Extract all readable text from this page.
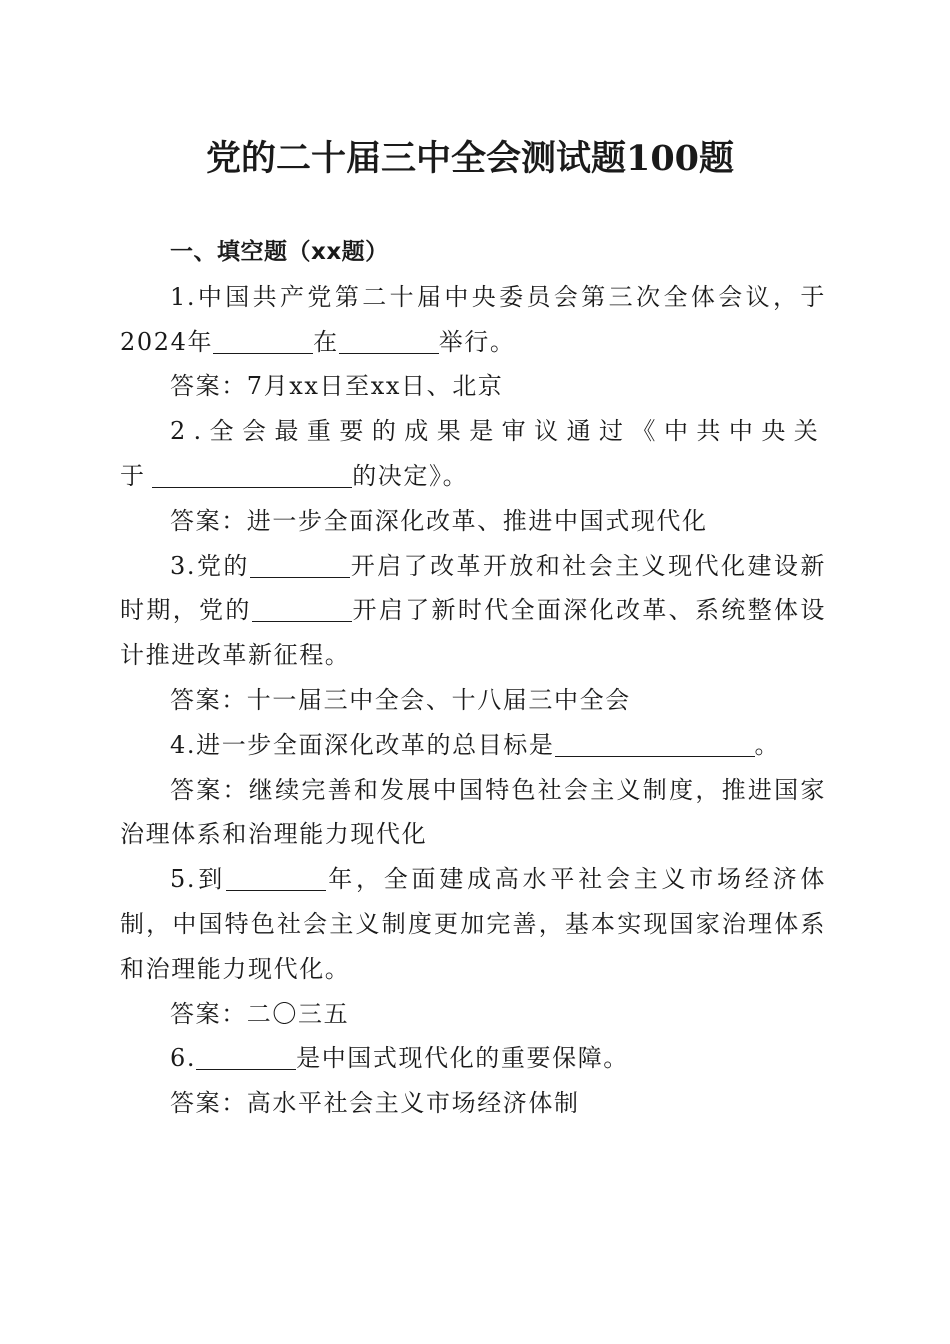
党的二十届三中全会测试题100题
一、填空题（xx题）

1.中国共产党第二十届中央委员会第三次全体会议，于2024年	在	举行。

答案：7月xx日至xx日、北京

2.全会最重要的成果是审议通过《中共中央关于	的决定》。

答案：进一步全面深化改革、推进中国式现代化

3.党的	开启了改革开放和社会主义现代化建设新时期，党的	开启了新时代全面深化改革、系统整体设计推进改革新征程。

答案：十一届三中全会、十八届三中全会

4.进一步全面深化改革的总目标是	。

答案：继续完善和发展中国特色社会主义制度，推进国家治理体系和治理能力现代化

5.到	年，全面建成高水平社会主义市场经济体制，中国特色社会主义制度更加完善，基本实现国家治理体系和治理能力现代化。

答案：二〇三五

6.	是中国式现代化的重要保障。

答案：高水平社会主义市场经济体制
